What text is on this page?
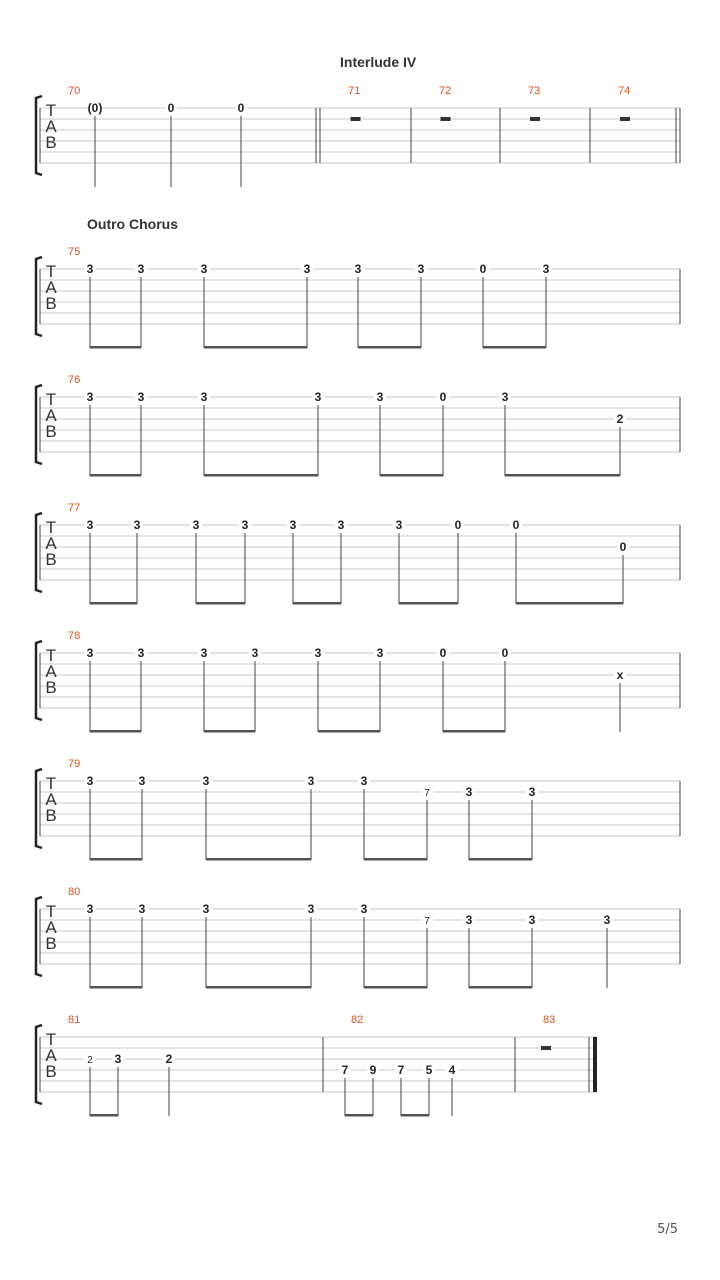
Interlude IV
Outro Chorus
T
A
B
70
(0)	0	0
71	72	73	74
T
A
B
75
3	3	3	3	3	3	0	3
T
A
B
76
3	3	3	3	3	0	3
2
T
A
B
77
3	3	3	3	3	3	3	0	0
0
T
A
B
78
3	3	3	3	3	3	0	0
x
T
A
B
79
3	3	3	3	3
7	3	3
T
A
B
80
3	3	3	3	3
7	3	3	3
T
A
B
81
2 3	2
82
7 9 7 5 4
83
5/5
